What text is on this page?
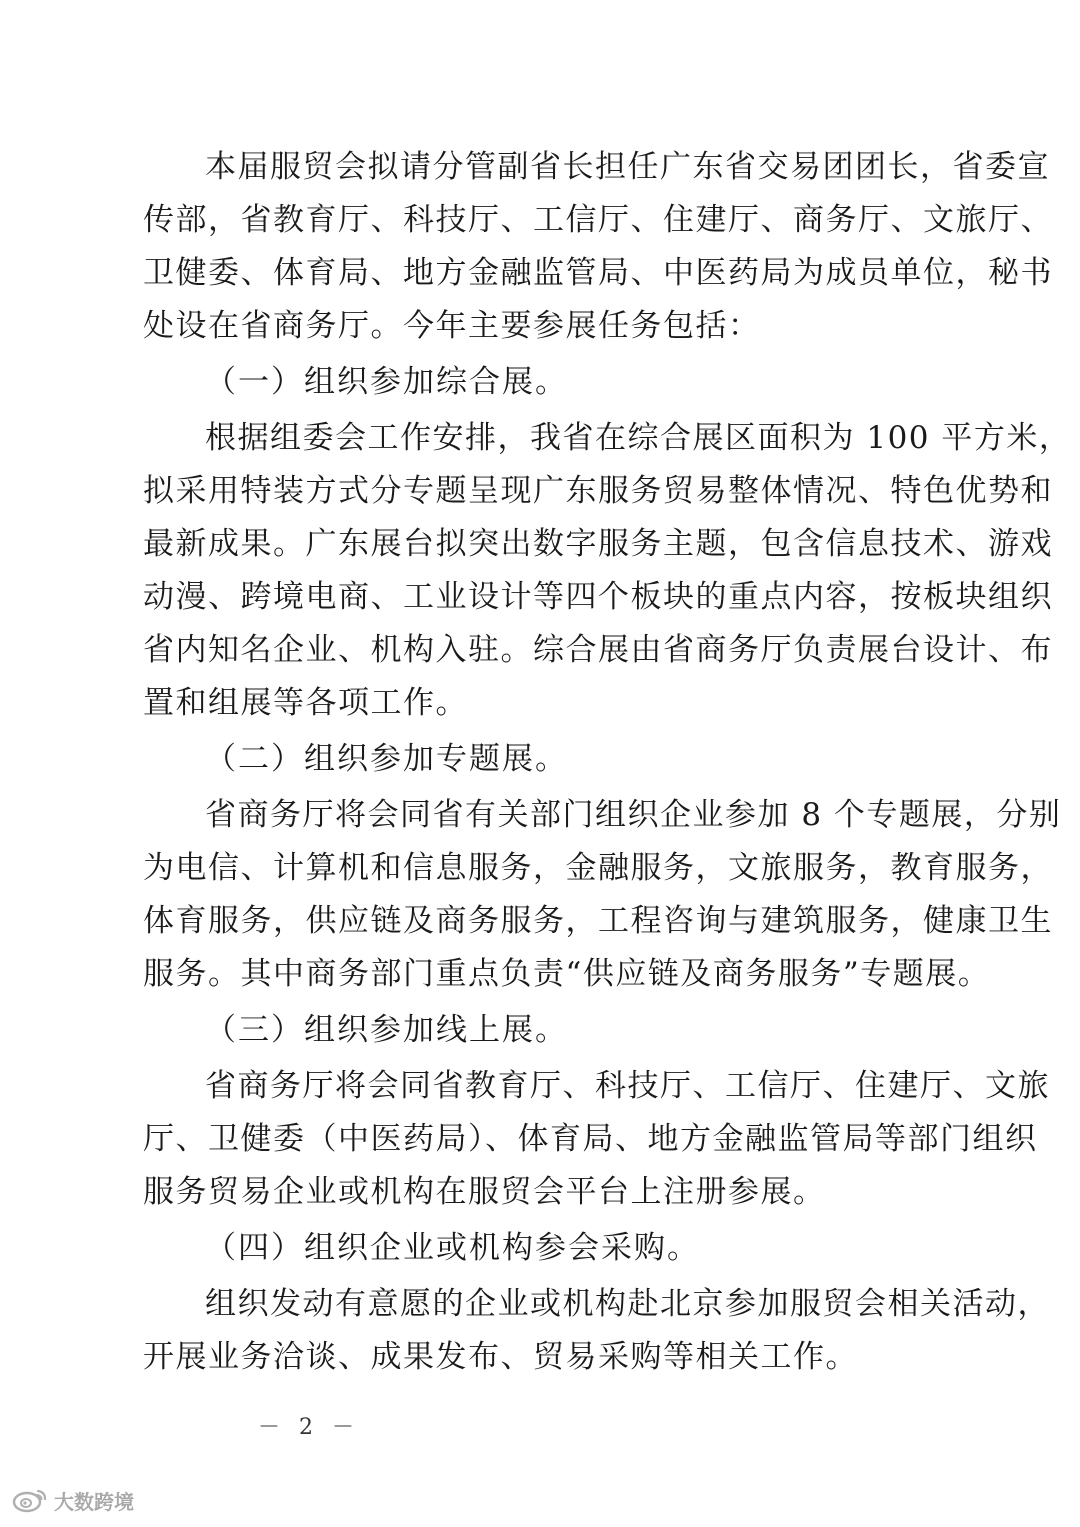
本届服贸会拟请分管副省长担任广东省交易团团长，省委宣
传部，省教育厅、科技厅、工信厅、住建厅、商务厅、文旅厅、
卫健委、体育局、地方金融监管局、中医药局为成员单位，秘书
处设在省商务厅。今年主要参展任务包括：
（一）组织参加综合展。
根据组委会工作安排，我省在综合展区面积为 100 平方米，
拟采用特装方式分专题呈现广东服务贸易整体情况、特色优势和
最新成果。广东展台拟突出数字服务主题，包含信息技术、游戏
动漫、跨境电商、工业设计等四个板块的重点内容，按板块组织
省内知名企业、机构入驻。综合展由省商务厅负责展台设计、布
置和组展等各项工作。
（二）组织参加专题展。
省商务厅将会同省有关部门组织企业参加 8 个专题展，分别
为电信、计算机和信息服务，金融服务，文旅服务，教育服务，
体育服务，供应链及商务服务，工程咨询与建筑服务，健康卫生
服务。其中商务部门重点负责“供应链及商务服务”专题展。
（三）组织参加线上展。
省商务厅将会同省教育厅、科技厅、工信厅、住建厅、文旅
厅、卫健委（中医药局）、体育局、地方金融监管局等部门组织
服务贸易企业或机构在服贸会平台上注册参展。
（四）组织企业或机构参会采购。
组织发动有意愿的企业或机构赴北京参加服贸会相关活动，
开展业务洽谈、成果发布、贸易采购等相关工作。
－ 2 －
大数跨境
